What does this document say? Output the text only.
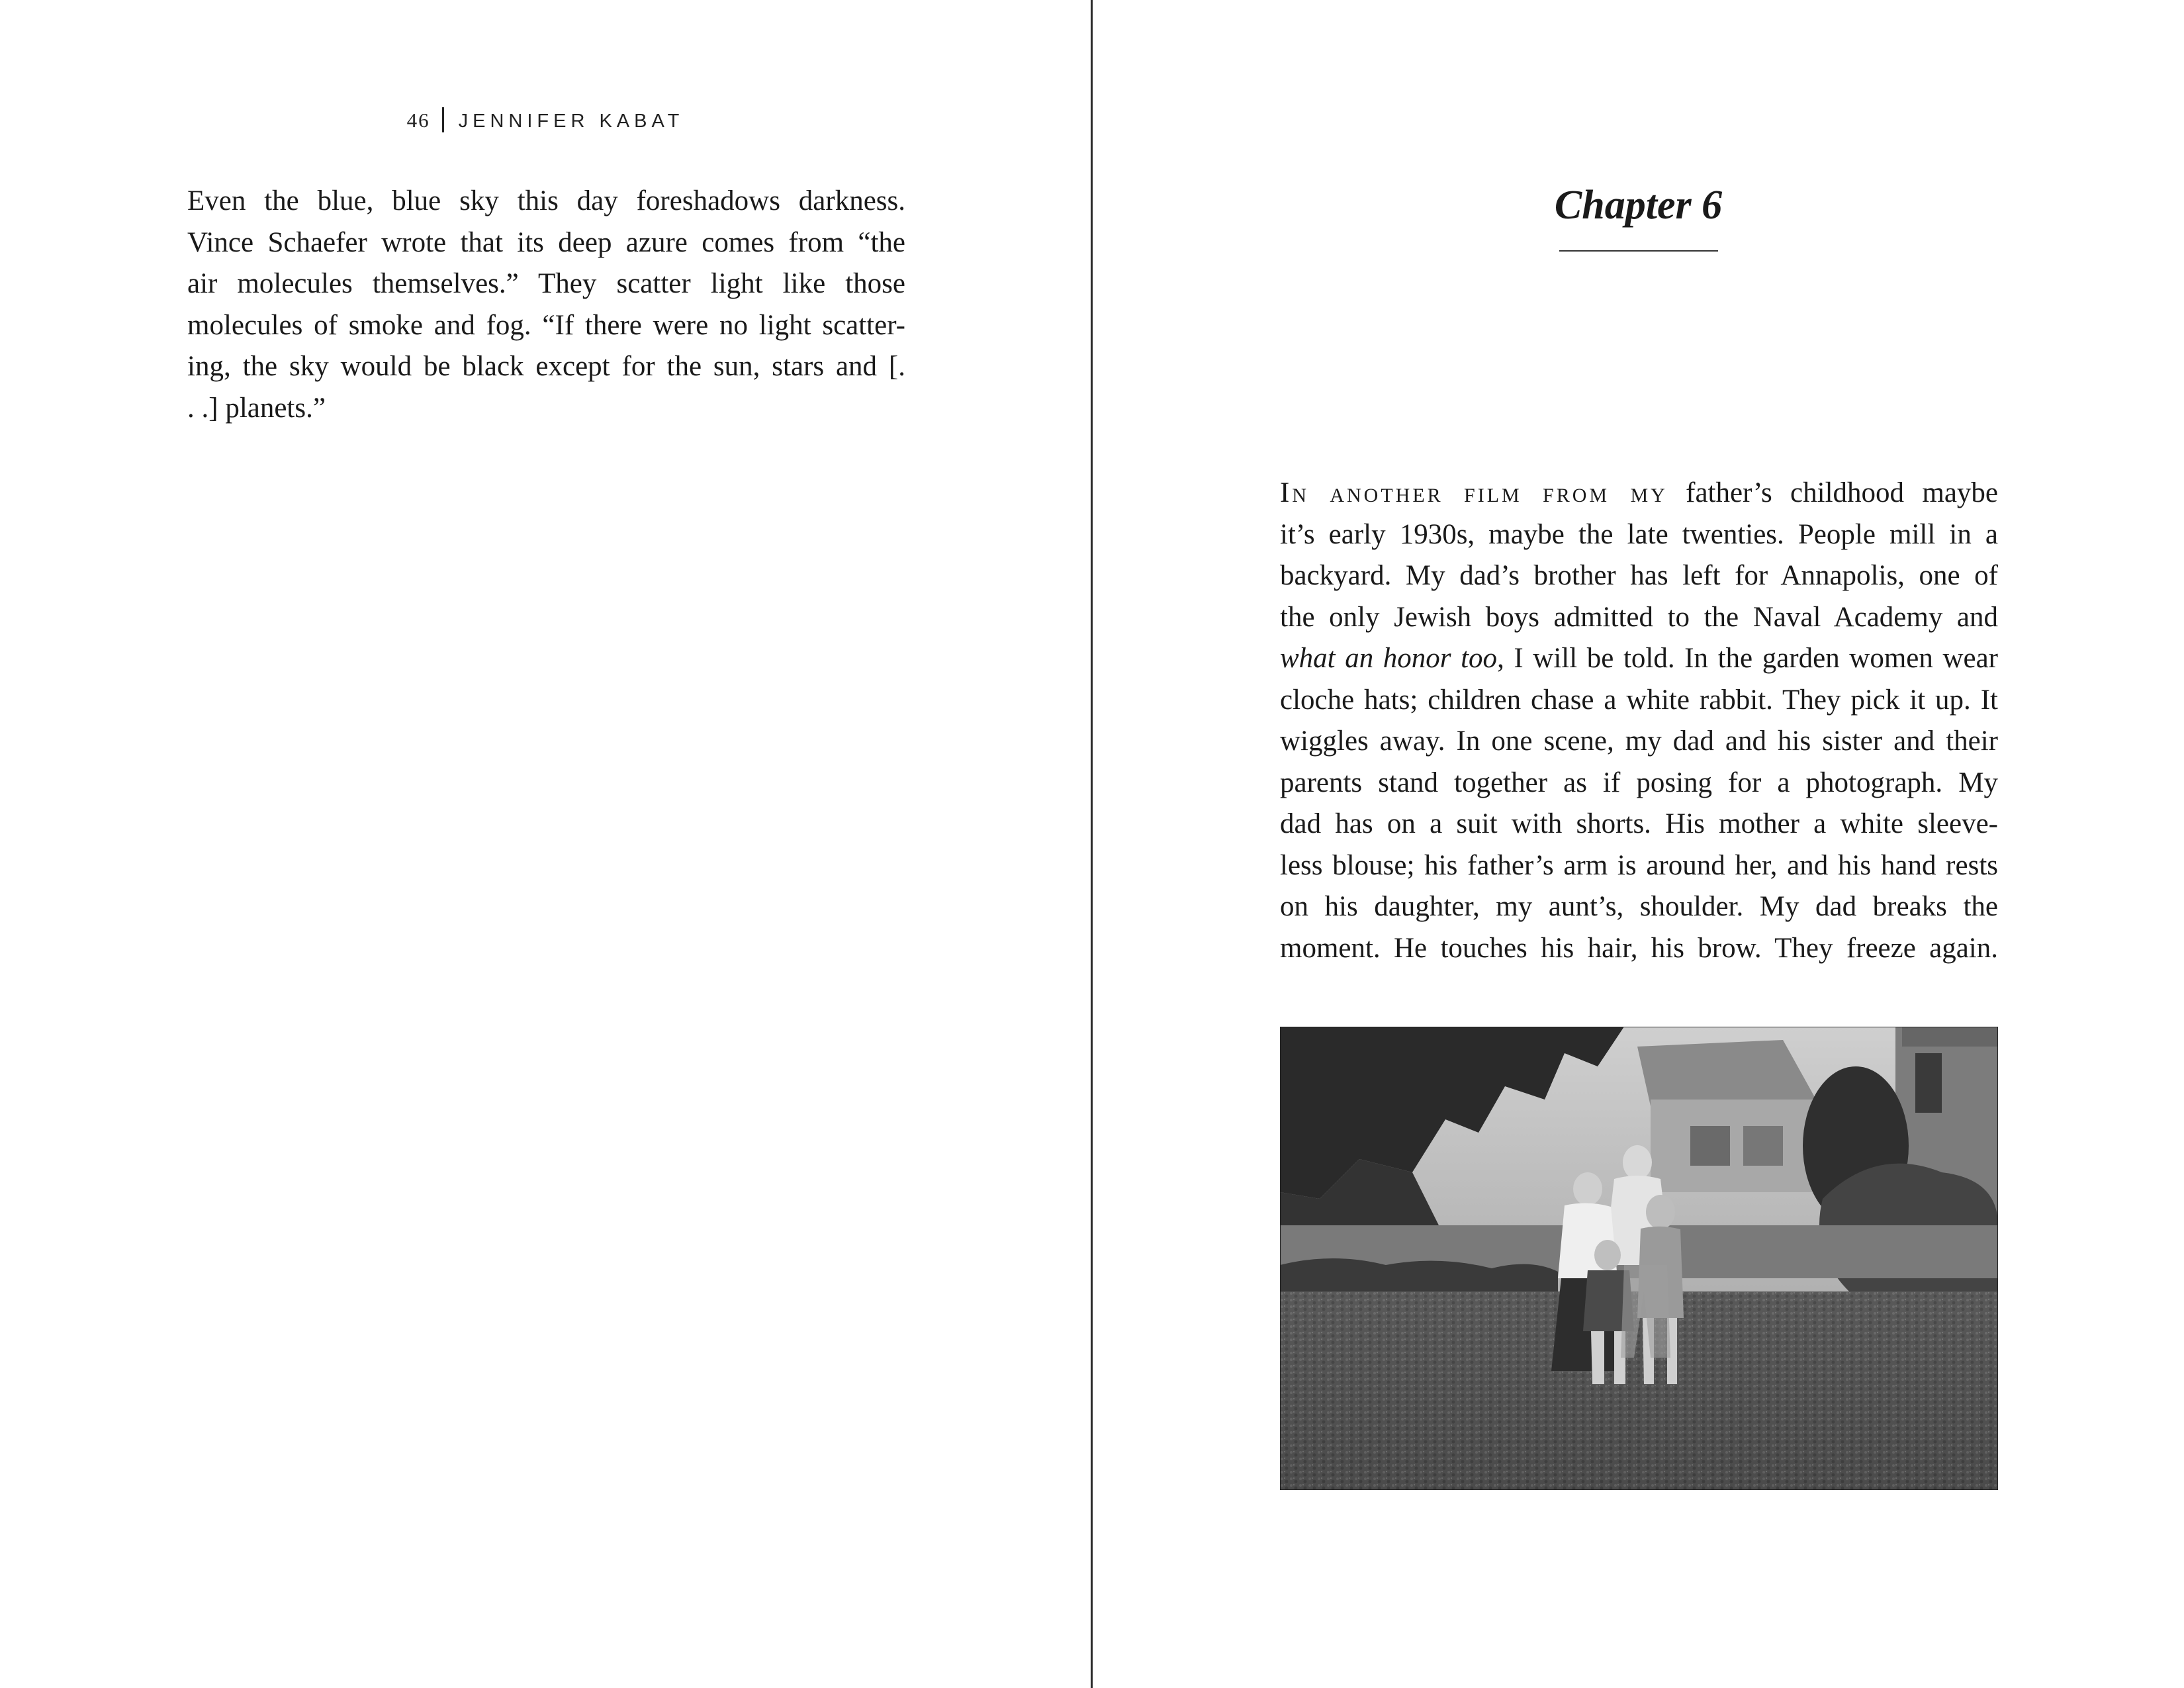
46 JENNIFER KABAT

Even the blue, blue sky this day foreshadows darkness.
Vince Schaefer wrote that its deep azure comes from “the
air molecules themselves.” They scatter light like those
molecules of smoke and fog. “If there were no light scatter-
ing, the sky would be black except for the sun, stars and [.
. .] planets.”

Chapter 6

In another film from my father’s childhood maybe
it’s early 1930s, maybe the late twenties. People mill in a
backyard. My dad’s brother has left for Annapolis, one of
the only Jewish boys admitted to the Naval Academy and
what an honor too, I will be told. In the garden women wear
cloche hats; children chase a white rabbit. They pick it up. It
wiggles away. In one scene, my dad and his sister and their
parents stand together as if posing for a photograph. My
dad has on a suit with shorts. His mother a white sleeve-
less blouse; his father’s arm is around her, and his hand rests
on his daughter, my aunt’s, shoulder. My dad breaks the
moment. He touches his hair, his brow. They freeze again.
